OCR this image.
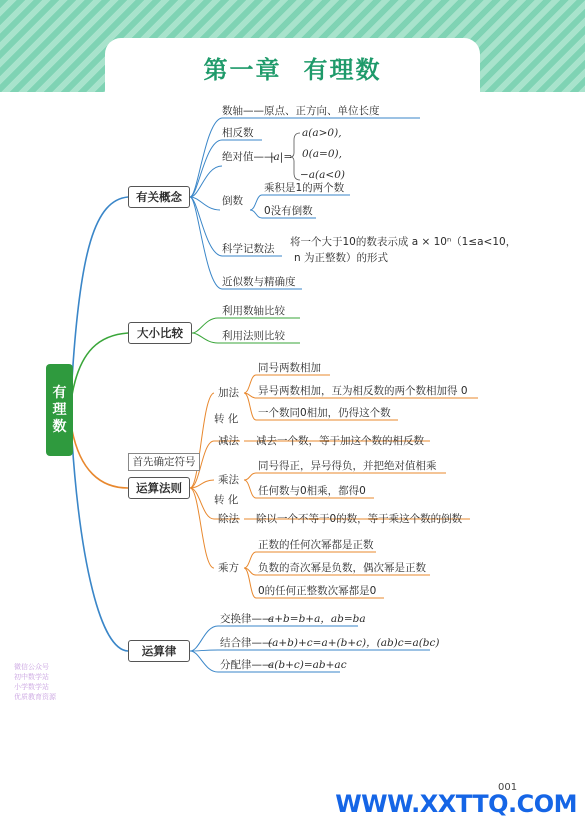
第一章 有理数
有理数
有关概念
大小比较
运算法则
运算律
数轴——原点、正方向、单位长度
相反数
绝对值——
|a|=
a(a>0),
0(a=0),
−a(a<0)
倒数
乘积是1的两个数
0没有倒数
科学记数法
将一个大于10的数表示成 a × 10ⁿ（1≤a<10，
n 为正整数）的形式
近似数与精确度
利用数轴比较
利用法则比较
首先确定符号
加法
同号两数相加
异号两数相加，互为相反数的两个数相加得 0
一个数同0相加，仍得这个数
转 化
减法 减去一个数，等于加这个数的相反数
乘法
同号得正，异号得负，并把绝对值相乘
任何数与0相乘，都得0
转 化
除法 除以一个不等于0的数，等于乘这个数的倒数
乘方
正数的任何次幂都是正数
负数的奇次幂是负数，偶次幂是正数
0的任何正整数次幂都是0
交换律——
a+b=b+a，ab=ba
结合律——
(a+b)+c=a+(b+c)，(ab)c=a(bc)
分配律——
a(b+c)=ab+ac
微信公众号
初中数学站
小学数学站
优质教育资源
001
WWW.XXTTQ.COM
